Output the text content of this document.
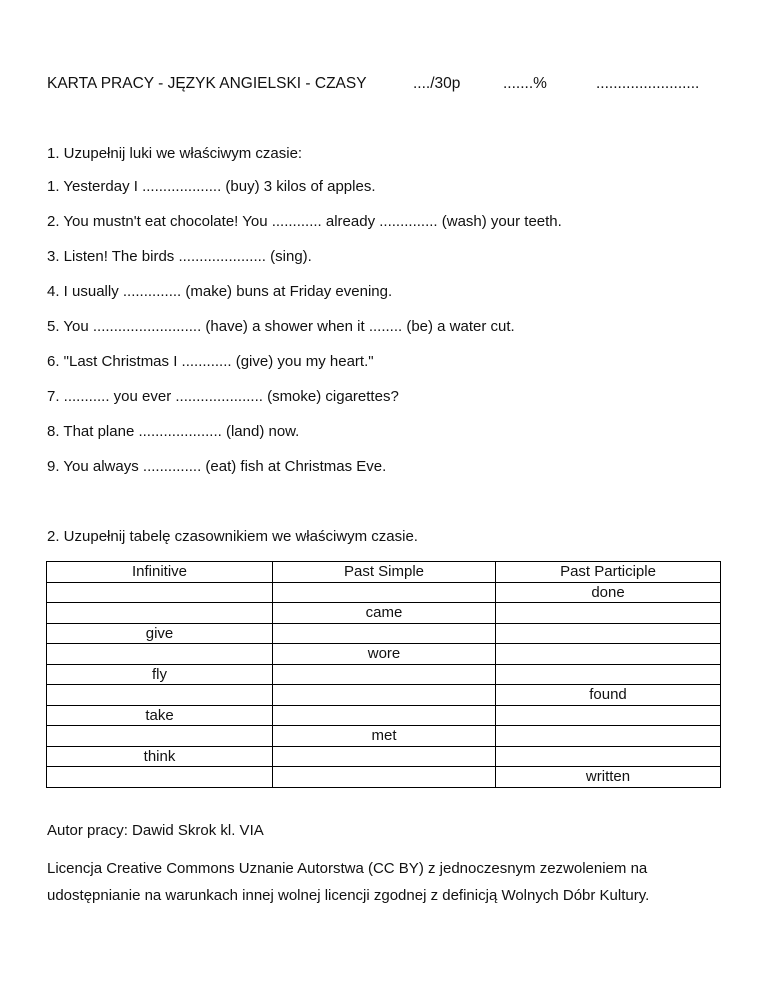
KARTA PRACY - JĘZYK ANGIELSKI - CZASY	..../30p	.......%	........................
1. Uzupełnij luki we właściwym czasie:
1. Yesterday I ................... (buy) 3 kilos of apples.
2. You mustn't eat chocolate! You ............ already .............. (wash) your teeth.
3. Listen! The birds ..................... (sing).
4. I usually .............. (make) buns at Friday evening.
5. You .......................... (have) a shower when it ........ (be) a water cut.
6. "Last Christmas I ............ (give) you my heart."
7. ........... you ever ..................... (smoke) cigarettes?
8. That plane .................... (land) now.
9. You always .............. (eat) fish at Christmas Eve.
2. Uzupełnij tabelę czasownikiem we właściwym czasie.
Infinitive	Past Simple	Past Participle
		done
	came	
give		
	wore	
fly		
		found
take		
	met	
think		
		written
Autor pracy: Dawid Skrok kl. VIA
Licencja Creative Commons Uznanie Autorstwa (CC BY) z jednoczesnym zezwoleniem na udostępnianie na warunkach innej wolnej licencji zgodnej z definicją Wolnych Dóbr Kultury.
